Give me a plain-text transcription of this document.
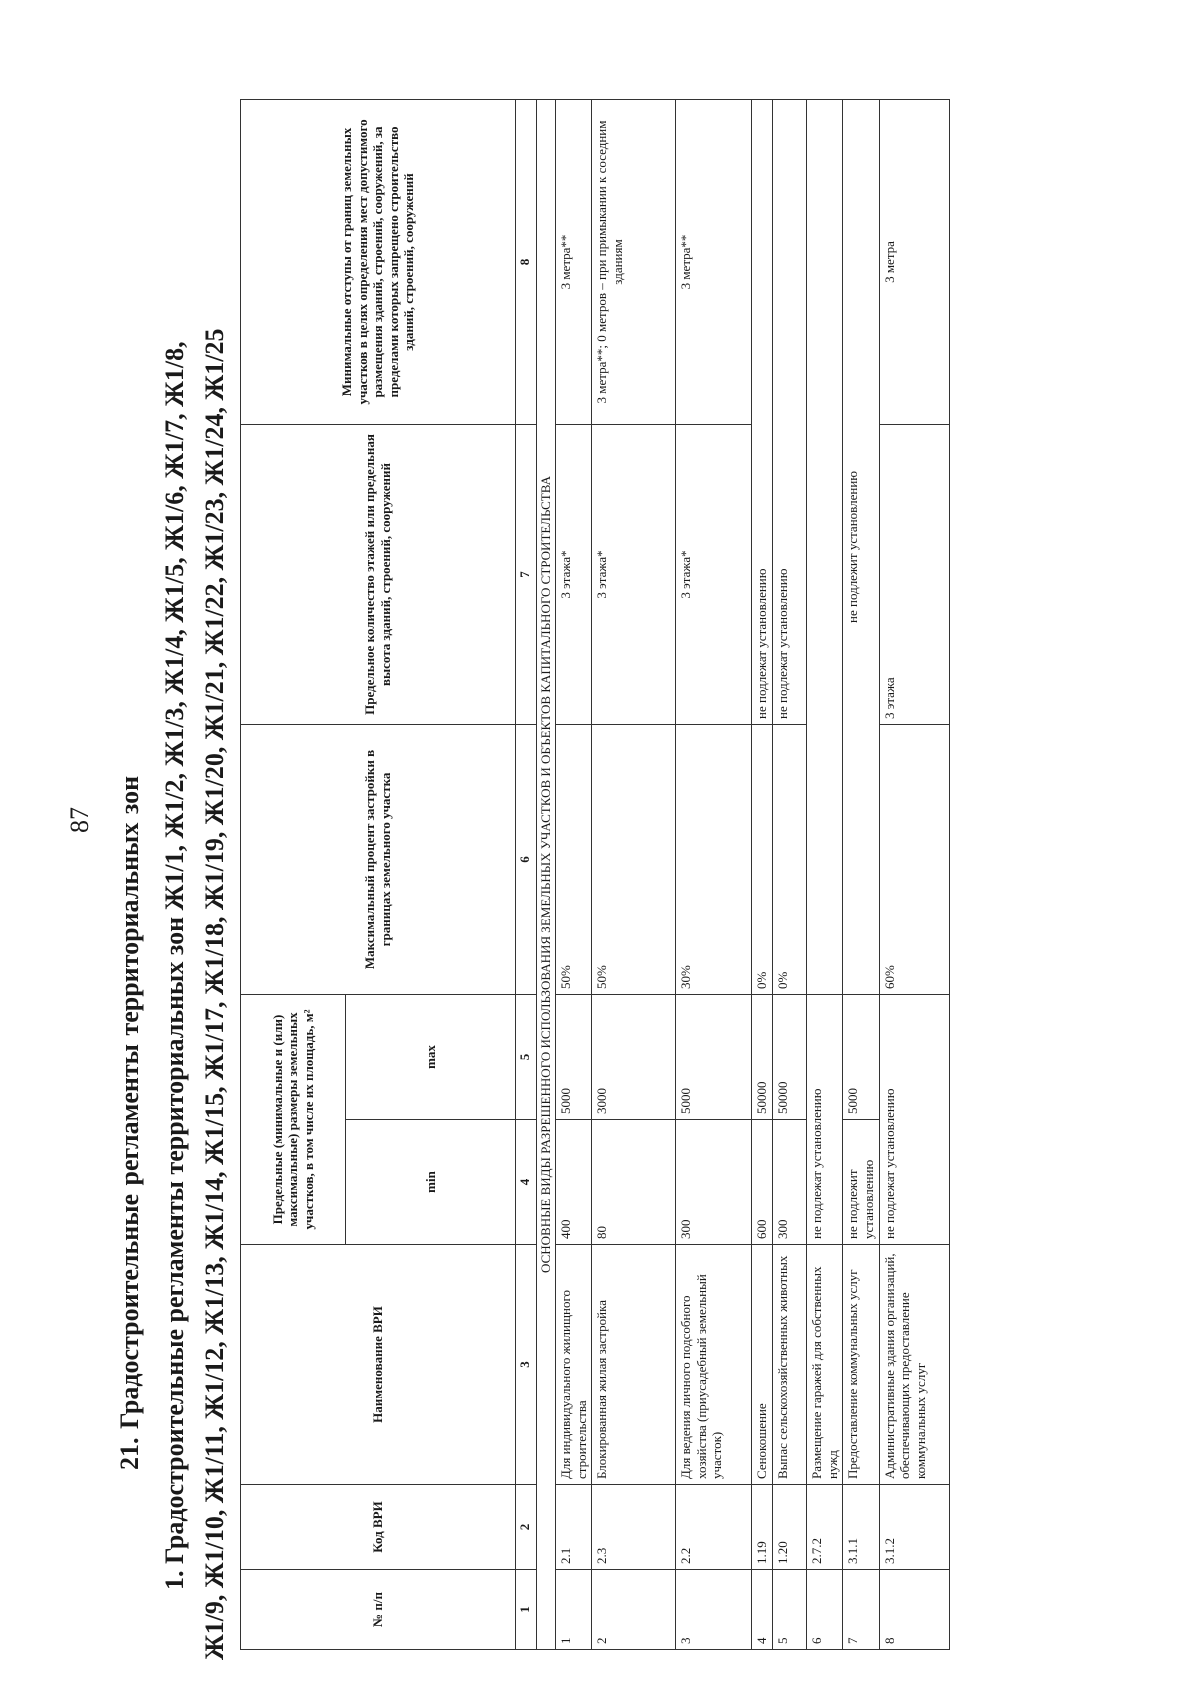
87 21. Градостроительные регламенты территориальных зон 1. Градостроительные регламенты территориальных зон Ж1/1, Ж1/2, Ж1/3, Ж1/4, Ж1/5, Ж1/6, Ж1/7, Ж1/8, Ж1/9, Ж1/10, Ж1/11, Ж1/12, Ж1/13, Ж1/14, Ж1/15, Ж1/17, Ж1/18, Ж1/19, Ж1/20, Ж1/21, Ж1/22, Ж1/23, Ж1/24, Ж1/25	№ п/п	Код ВРИ	Наименование ВРИ	Предельные (минимальные и (или) максимальные) размеры земельных участков, в том числе их площадь, м²		Максимальный процент застройки в границах земельного участка	Предельное количество этажей или предельная высота зданий, строений, сооружений	Минимальные отступы от границ земельных участков в целях определения мест допустимого размещения зданий, строений, сооружений, за пределами которых запрещено строительство зданий, строений, сооружений
			min	max			
1	2	3	4	5	6	7	8
ОСНОВНЫЕ ВИДЫ РАЗРЕШЕННОГО ИСПОЛЬЗОВАНИЯ ЗЕМЕЛЬНЫХ УЧАСТКОВ И ОБЪЕКТОВ КАПИТАЛЬНОГО СТРОИТЕЛЬСТВА							
1	2.1	Для индивидуального жилищного строительства	400	5000	50%	3 этажа*	3 метра**
2	2.3	Блокированная жилая застройка	80	3000	50%	3 этажа*	3 метра**; 0 метров – при примыкании к соседним зданиям
3	2.2	Для ведения личного подсобного хозяйства (приусадебный земельный участок)	300	5000	30%	3 этажа*	3 метра**
4	1.19	Сенокошение	600	50000	0%	не подлежат установлению	
5	1.20	Выпас сельскохозяйственных животных	300	50000	0%	не подлежат установлению	
6	2.7.2	Размещение гаражей для собственных нужд	не подлежат установлению				
7	3.1.1	Предоставление коммунальных услуг	не подлежит установлению	5000	не подлежит установлению		
8	3.1.2	Административные здания организаций, обеспечивающих предоставление коммунальных услуг	не подлежат установлению		60%	3 этажа	3 метра
